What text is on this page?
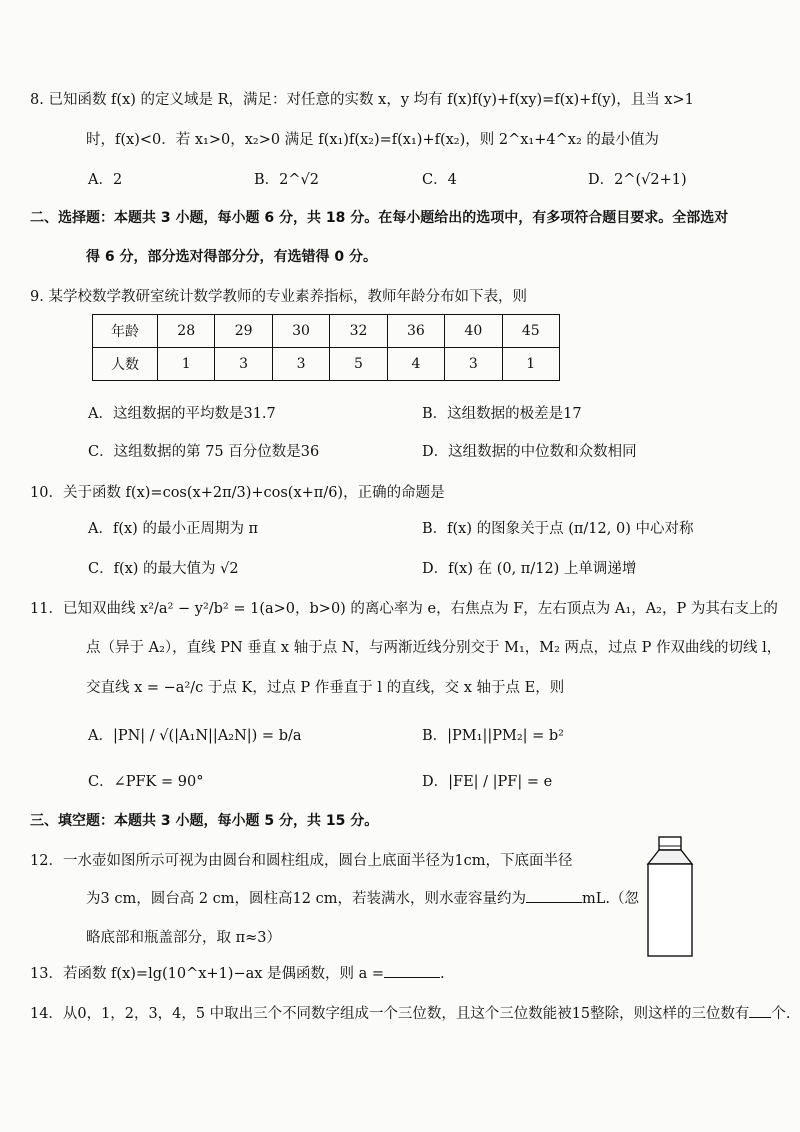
8. 已知函数 f(x) 的定义域是 R，满足：对任意的实数 x，y 均有 f(x)f(y)+f(xy)=f(x)+f(y)，且当 x>1
时，f(x)<0．若 x₁>0，x₂>0 满足 f(x₁)f(x₂)=f(x₁)+f(x₂)，则 2^x₁+4^x₂ 的最小值为
A．2	B．2^√2	C．4	D．2^(√2+1)
二、选择题：本题共 3 小题，每小题 6 分，共 18 分。在每小题给出的选项中，有多项符合题目要求。全部选对
得 6 分，部分选对得部分分，有选错得 0 分。
9. 某学校数学教研室统计数学教师的专业素养指标，教师年龄分布如下表，则
年龄	28	29	30	32	36	40	45
人数	1	3	3	5	4	3	1
A．这组数据的平均数是31.7	B．这组数据的极差是17
C．这组数据的第 75 百分位数是36	D．这组数据的中位数和众数相同
10．关于函数 f(x)=cos(x+2π/3)+cos(x+π/6)，正确的命题是
A．f(x) 的最小正周期为 π	B．f(x) 的图象关于点 (π/12, 0) 中心对称
C．f(x) 的最大值为 √2	D．f(x) 在 (0, π/12) 上单调递增
11．已知双曲线 x²/a² − y²/b² = 1(a>0，b>0) 的离心率为 e，右焦点为 F，左右顶点为 A₁，A₂，P 为其右支上的
点（异于 A₂），直线 PN 垂直 x 轴于点 N，与两渐近线分别交于 M₁，M₂ 两点，过点 P 作双曲线的切线 l，
交直线 x = −a²/c 于点 K，过点 P 作垂直于 l 的直线，交 x 轴于点 E，则
A．|PN| / √(|A₁N||A₂N|) = b/a	B．|PM₁||PM₂| = b²
C．∠PFK = 90°	D．|FE| / |PF| = e
三、填空题：本题共 3 小题，每小题 5 分，共 15 分。
12．一水壶如图所示可视为由圆台和圆柱组成，圆台上底面半径为1cm，下底面半径
为3 cm，圆台高 2 cm，圆柱高12 cm，若装满水，则水壶容量约为	mL.（忽
略底部和瓶盖部分，取 π≈3）
13．若函数 f(x)=lg(10^x+1)−ax 是偶函数，则 a =	.
14．从0，1，2，3，4，5 中取出三个不同数字组成一个三位数，且这个三位数能被15整除，则这样的三位数有 个.
